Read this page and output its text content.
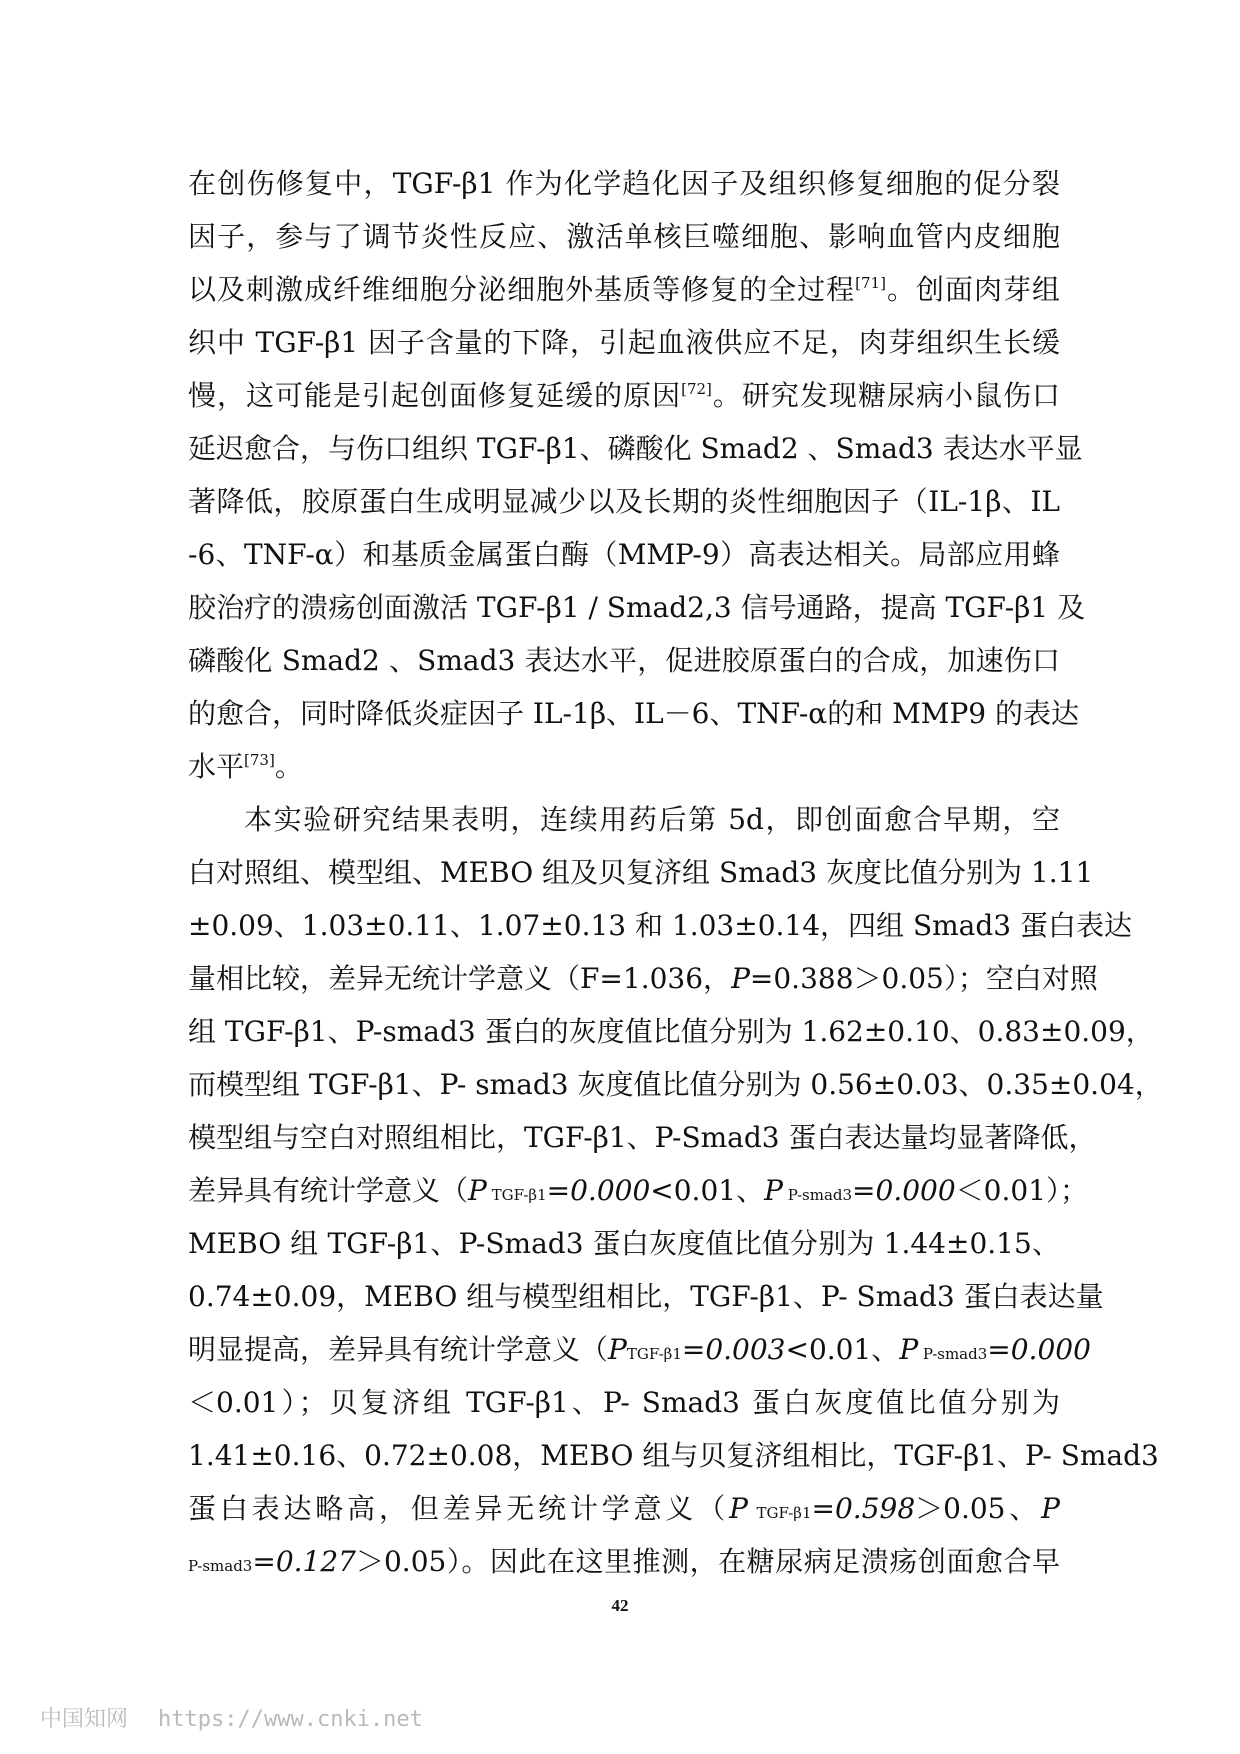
在创伤修复中，TGF-β1 作为化学趋化因子及组织修复细胞的促分裂
因子，参与了调节炎性反应、激活单核巨噬细胞、影响血管内皮细胞
以及刺激成纤维细胞分泌细胞外基质等修复的全过程[71]。创面肉芽组
织中 TGF-β1 因子含量的下降，引起血液供应不足，肉芽组织生长缓
慢，这可能是引起创面修复延缓的原因[72]。研究发现糖尿病小鼠伤口
延迟愈合，与伤口组织 TGF-β1、磷酸化 Smad2 、Smad3 表达水平显
著降低，胶原蛋白生成明显减少以及长期的炎性细胞因子（IL-1β、IL
-6、TNF-α）和基质金属蛋白酶（MMP-9）高表达相关。局部应用蜂
胶治疗的溃疡创面激活 TGF-β1 / Smad2,3 信号通路，提高 TGF-β1 及
磷酸化 Smad2 、Smad3 表达水平，促进胶原蛋白的合成，加速伤口
的愈合，同时降低炎症因子 IL-1β、IL－6、TNF-α的和 MMP9 的表达
水平[73]。
本实验研究结果表明，连续用药后第 5d，即创面愈合早期，空
白对照组、模型组、MEBO 组及贝复济组 Smad3 灰度比值分别为 1.11
±0.09、1.03±0.11、1.07±0.13 和 1.03±0.14，四组 Smad3 蛋白表达
量相比较，差异无统计学意义（F=1.036，P=0.388＞0.05）；空白对照
组 TGF-β1、P-smad3 蛋白的灰度值比值分别为 1.62±0.10、0.83±0.09，
而模型组 TGF-β1、P- smad3 灰度值比值分别为 0.56±0.03、0.35±0.04，
模型组与空白对照组相比，TGF-β1、P-Smad3 蛋白表达量均显著降低，
差异具有统计学意义（P TGF-β1=0.000<0.01、P P-smad3=0.000＜0.01）；
MEBO 组 TGF-β1、P-Smad3 蛋白灰度值比值分别为 1.44±0.15、
0.74±0.09，MEBO 组与模型组相比，TGF-β1、P- Smad3 蛋白表达量
明显提高，差异具有统计学意义（PTGF-β1=0.003<0.01、P P-smad3=0.000
＜0.01）；贝复济组 TGF-β1、P- Smad3 蛋白灰度值比值分别为
1.41±0.16、0.72±0.08，MEBO 组与贝复济组相比，TGF-β1、P- Smad3
蛋白表达略高，但差异无统计学意义（P TGF-β1=0.598＞0.05、P
P-smad3=0.127＞0.05）。因此在这里推测，在糖尿病足溃疡创面愈合早
42
中国知网 https://www.cnki.net
